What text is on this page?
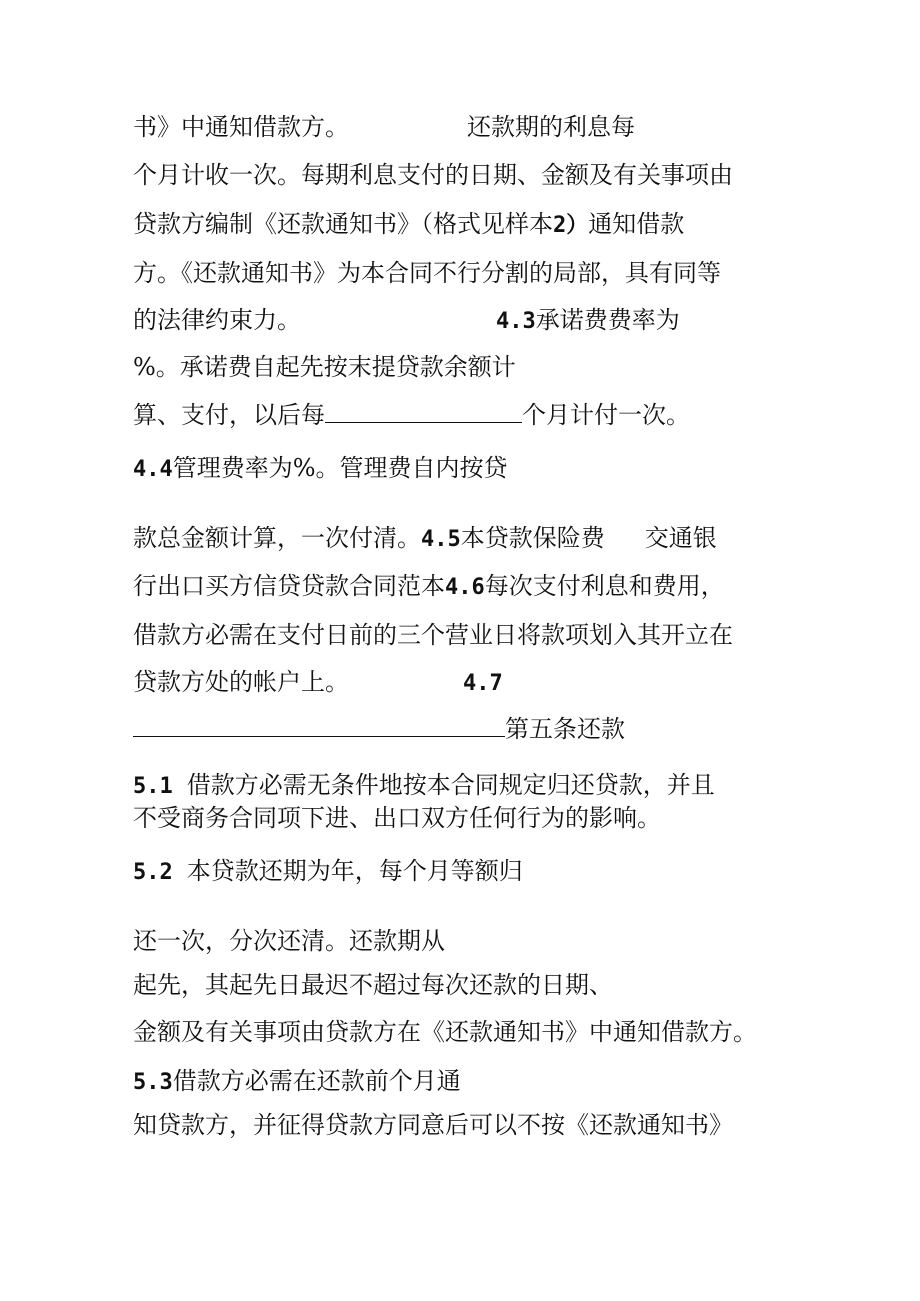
书》中通知借款方。	还款期的利息每
个月计收一次。每期利息支付的日期、金额及有关事项由
贷款方编制《还款通知书》（格式见样本2）通知借款
方。《还款通知书》为本合同不行分割的局部，具有同等
的法律约束力。	4.3承诺费费率为
%。承诺费自起先按末提贷款余额计
算、支付，以后每	个月计付一次。
4.4管理费率为%。管理费自内按贷
款总金额计算，一次付清。4.5本贷款保险费 交通银
行出口买方信贷贷款合同范本4.6每次支付利息和费用，
借款方必需在支付日前的三个营业日将款项划入其开立在
贷款方处的帐户上。	4.7
第五条还款
5.1 借款方必需无条件地按本合同规定归还贷款，并且
不受商务合同项下进、出口双方任何行为的影响。
5.2 本贷款还期为年，每个月等额归
还一次，分次还清。还款期从
起先，其起先日最迟不超过每次还款的日期、
金额及有关事项由贷款方在《还款通知书》中通知借款方。
5.3借款方必需在还款前个月通
知贷款方，并征得贷款方同意后可以不按《还款通知书》
